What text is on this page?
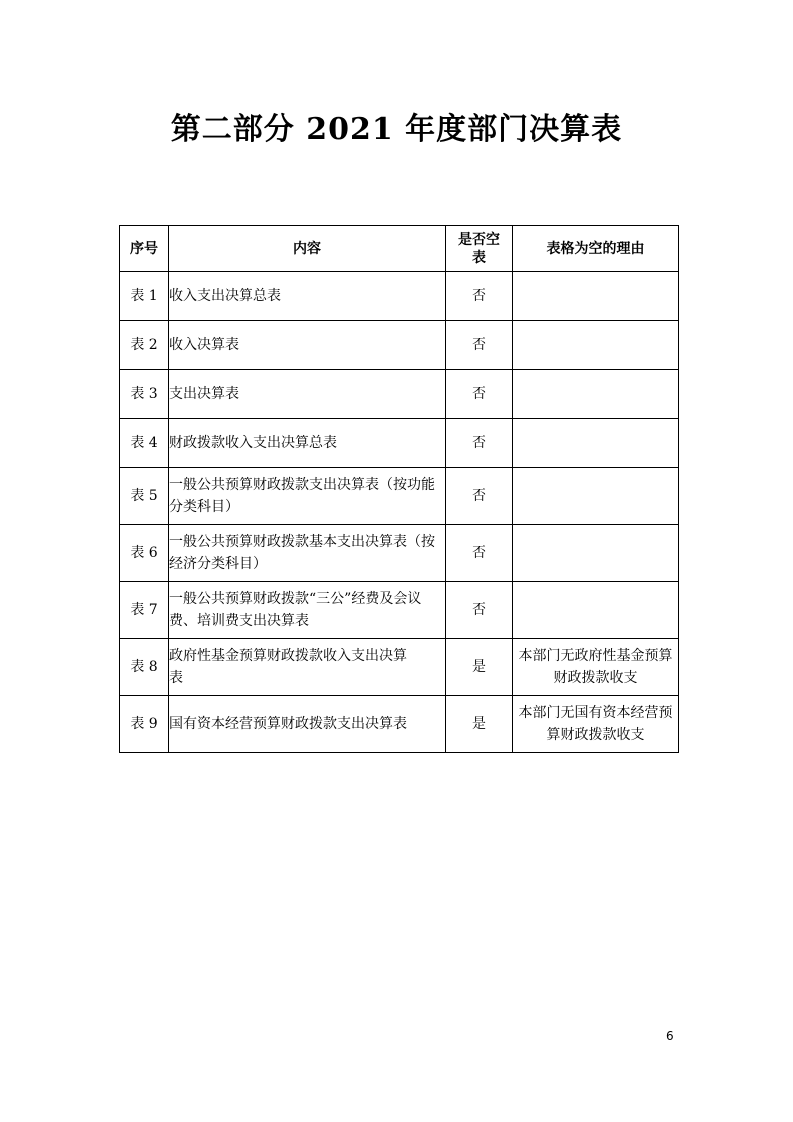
第二部分 2021 年度部门决算表
序号	内容	是否空表	表格为空的理由
表 1	收入支出决算总表	否	
表 2	收入决算表	否	
表 3	支出决算表	否	
表 4	财政拨款收入支出决算总表	否	
表 5	一般公共预算财政拨款支出决算表（按功能分类科目）	否	
表 6	一般公共预算财政拨款基本支出决算表（按经济分类科目）	否	
表 7	一般公共预算财政拨款“三公”经费及会议费、培训费支出决算表	否	
表 8	政府性基金预算财政拨款收入支出决算表	是	本部门无政府性基金预算财政拨款收支
表 9	国有资本经营预算财政拨款支出决算表	是	本部门无国有资本经营预算财政拨款收支
6
